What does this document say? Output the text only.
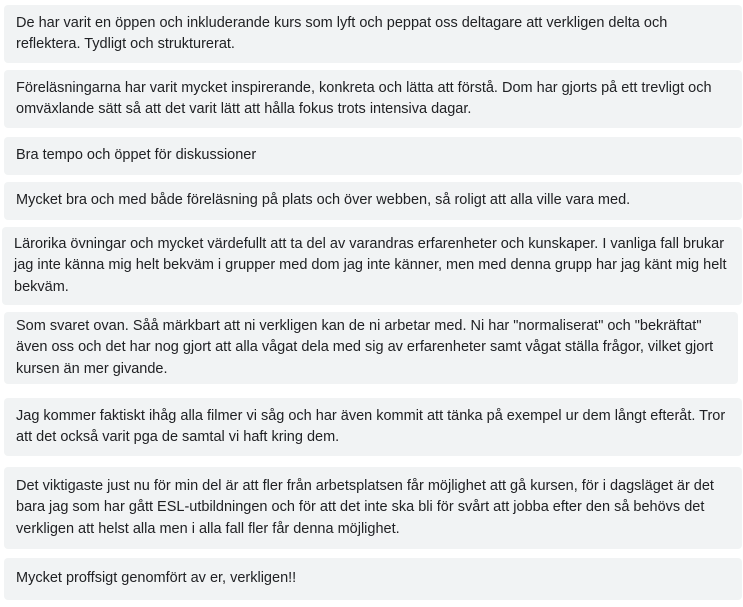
De har varit en öppen och inkluderande kurs som lyft och peppat oss deltagare att verkligen delta och reflektera. Tydligt och strukturerat.
Föreläsningarna har varit mycket inspirerande, konkreta och lätta att förstå. Dom har gjorts på ett trevligt och omväxlande sätt så att det varit lätt att hålla fokus trots intensiva dagar.
Bra tempo och öppet för diskussioner
Mycket bra och med både föreläsning på plats och över webben, så roligt att alla ville vara med.
Lärorika övningar och mycket värdefullt att ta del av varandras erfarenheter och kunskaper. I vanliga fall brukar jag inte känna mig helt bekväm i grupper med dom jag inte känner, men med denna grupp har jag känt mig helt bekväm.
Som svaret ovan. Såå märkbart att ni verkligen kan de ni arbetar med. Ni har "normaliserat" och "bekräftat" även oss och det har nog gjort att alla vågat dela med sig av erfarenheter samt vågat ställa frågor, vilket gjort kursen än mer givande.
Jag kommer faktiskt ihåg alla filmer vi såg och har även kommit att tänka på exempel ur dem långt efteråt. Tror att det också varit pga de samtal vi haft kring dem.
Det viktigaste just nu för min del är att fler från arbetsplatsen får möjlighet att gå kursen, för i dagsläget är det bara jag som har gått ESL-utbildningen och för att det inte ska bli för svårt att jobba efter den så behövs det verkligen att helst alla men i alla fall fler får denna möjlighet.
Mycket proffsigt genomfört av er, verkligen!!
